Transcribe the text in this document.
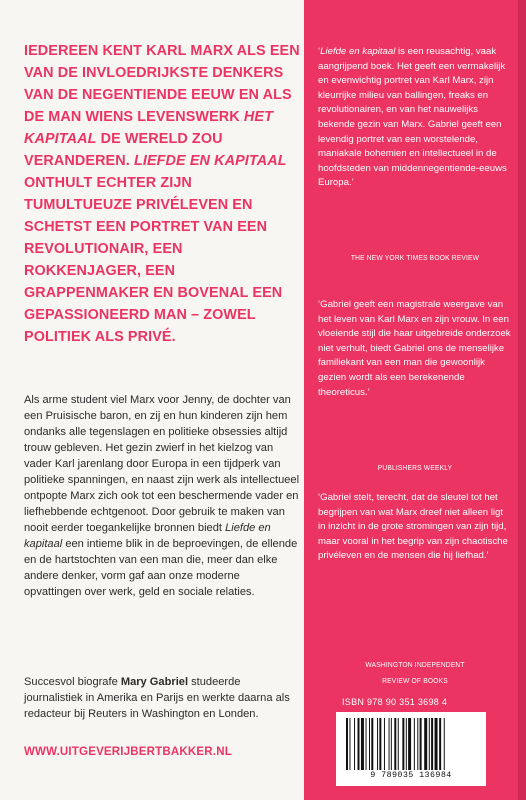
IEDEREEN KENT KARL MARX ALS EEN VAN DE INVLOEDRIJKSTE DENKERS VAN DE NEGENTIENDE EEUW EN ALS DE MAN WIENS LEVENSWERK HET KAPITAAL DE WERELD ZOU VERANDEREN. LIEFDE EN KAPITAAL ONTHULT ECHTER ZIJN TUMULTUEUZE PRIVÉLEVEN EN SCHETST EEN PORTRET VAN EEN REVOLUTIONAIR, EEN ROKKENJAGER, EEN GRAPPENMAKER EN BOVENAL EEN GEPASSIONEERD MAN – ZOWEL POLITIEK ALS PRIVÉ.

Als arme student viel Marx voor Jenny, de dochter van een Pruisische baron, en zij en hun kinderen zijn hem ondanks alle tegenslagen en politieke obsessies altijd trouw gebleven. Het gezin zwierf in het kielzog van vader Karl jarenlang door Europa in een tijdperk van politieke spanningen, en naast zijn werk als intellectueel ontpopte Marx zich ook tot een beschermende vader en liefhebbende echtgenoot. Door gebruik te maken van nooit eerder toegankelijke bronnen biedt Liefde en kapitaal een intieme blik in de beproevingen, de ellende en de hartstochten van een man die, meer dan elke andere denker, vorm gaf aan onze moderne opvattingen over werk, geld en sociale relaties.

Succesvol biografe Mary Gabriel studeerde journalistiek in Amerika en Parijs en werkte daarna als redacteur bij Reuters in Washington en Londen.

WWW.UITGEVERIJBERTBAKKER.NL

‘Liefde en kapitaal is een reusachtig, vaak aangrijpend boek. Het geeft een vermakelijk en evenwichtig portret van Karl Marx, zijn kleurrijke milieu van ballingen, freaks en revolutionairen, en van het nauwelijks bekende gezin van Marx. Gabriel geeft een levendig portret van een worstelende, maniakale bohemien en intellectueel in de hoofdsteden van middennegentiende-eeuws Europa.’

THE NEW YORK TIMES BOOK REVIEW

‘Gabriel geeft een magistrale weergave van het leven van Karl Marx en zijn vrouw. In een vloeiende stijl die haar uitgebreide onderzoek niet verhult, biedt Gabriel ons de menselijke familiekant van een man die gewoonlijk gezien wordt als een berekenende theoreticus.’

PUBLISHERS WEEKLY

‘Gabriel stelt, terecht, dat de sleutel tot het begrijpen van wat Marx dreef niet alleen ligt in inzicht in de grote stromingen van zijn tijd, maar vooral in het begrip van zijn chaotische privéleven en de mensen die hij liefhad.’

WASHINGTON INDEPENDENT
REVIEW OF BOOKS
ISBN 978 90 351 3698 4
9 789035 136984
